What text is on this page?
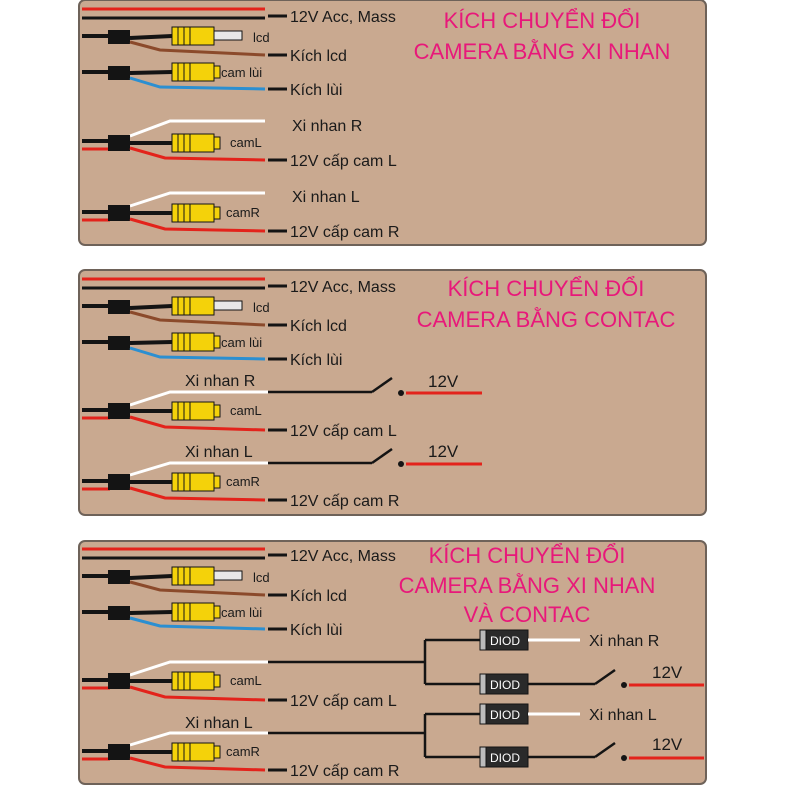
12V Acc, Mass
lcd
Kích lcd
cam lùi
Kích lùi
Xi nhan R
camL
12V cấp cam L
Xi nhan L
camR
12V cấp cam R
KÍCH CHUYỂN ĐỔI
CAMERA BẰNG XI NHAN
12V Acc, Mass
lcd
Kích lcd
cam lùi
Kích lùi
Xi nhan R	12V
camL
12V cấp cam L
Xi nhan L	12V
camR
12V cấp cam R
KÍCH CHUYỂN ĐỔI
CAMERA BẰNG CONTAC
12V Acc, Mass
lcd
Kích lcd
cam lùi
Kích lùi
camL
12V cấp cam L
DIOD	Xi nhan R
DIOD
12V
Xi nhan L
camR
12V cấp cam R
DIOD	Xi nhan L
DIOD
12V
KÍCH CHUYỂN ĐỔI
CAMERA BẰNG XI NHAN
VÀ CONTAC
